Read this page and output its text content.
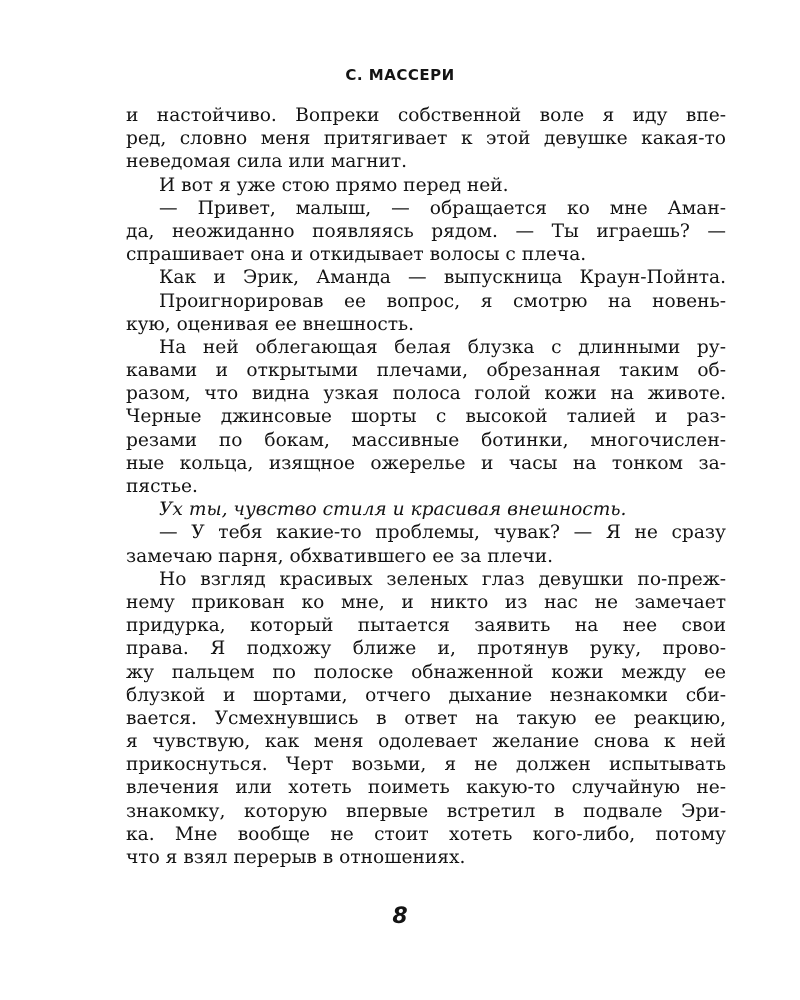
С. МАССЕРИ
и настойчиво. Вопреки собственной воле я иду впе-
ред, словно меня притягивает к этой девушке какая-то
неведомая сила или магнит.
И вот я уже стою прямо перед ней.
— Привет, малыш, — обращается ко мне Аман-
да, неожиданно появляясь рядом. — Ты играешь? —
спрашивает она и откидывает волосы с плеча.
Как и Эрик, Аманда — выпускница Краун-Пойнта.
Проигнорировав ее вопрос, я смотрю на новень-
кую, оценивая ее внешность.
На ней облегающая белая блузка с длинными ру-
кавами и открытыми плечами, обрезанная таким об-
разом, что видна узкая полоса голой кожи на животе.
Черные джинсовые шорты с высокой талией и раз-
резами по бокам, массивные ботинки, многочислен-
ные кольца, изящное ожерелье и часы на тонком за-
пястье.
Ух ты, чувство стиля и красивая внешность.
— У тебя какие-то проблемы, чувак? — Я не сразу
замечаю парня, обхватившего ее за плечи.
Но взгляд красивых зеленых глаз девушки по-преж-
нему прикован ко мне, и никто из нас не замечает
придурка, который пытается заявить на нее свои
права. Я подхожу ближе и, протянув руку, прово-
жу пальцем по полоске обнаженной кожи между ее
блузкой и шортами, отчего дыхание незнакомки сби-
вается. Усмехнувшись в ответ на такую ее реакцию,
я чувствую, как меня одолевает желание снова к ней
прикоснуться. Черт возьми, я не должен испытывать
влечения или хотеть поиметь какую-то случайную не-
знакомку, которую впервые встретил в подвале Эри-
ка. Мне вообще не стоит хотеть кого-либо, потому
что я взял перерыв в отношениях.
8
